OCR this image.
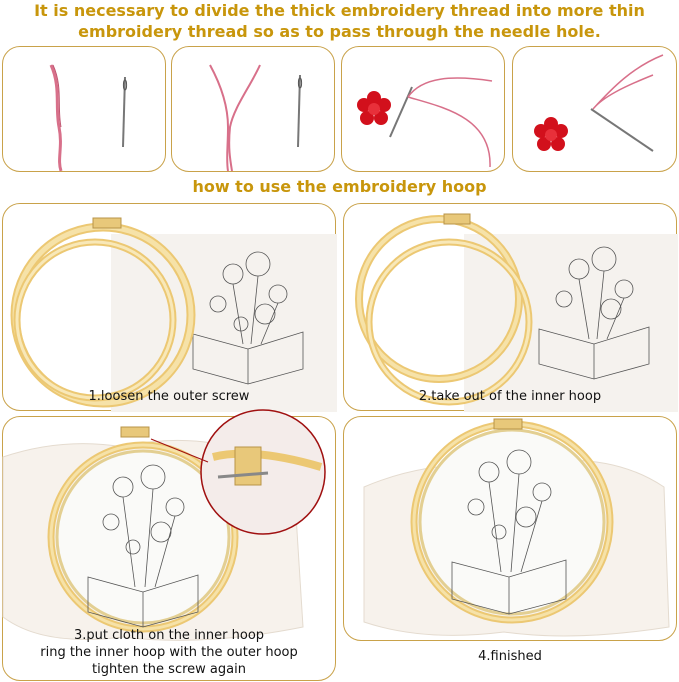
It is necessary to divide the thick embroidery thread into more thin
embroidery thread so as to pass through the needle hole.
how to use the embroidery hoop
1.loosen the outer screw	2.take out of the inner hoop
3.put cloth on the inner hoop
ring the inner hoop with the outer hoop
tighten the screw again
4.finished
